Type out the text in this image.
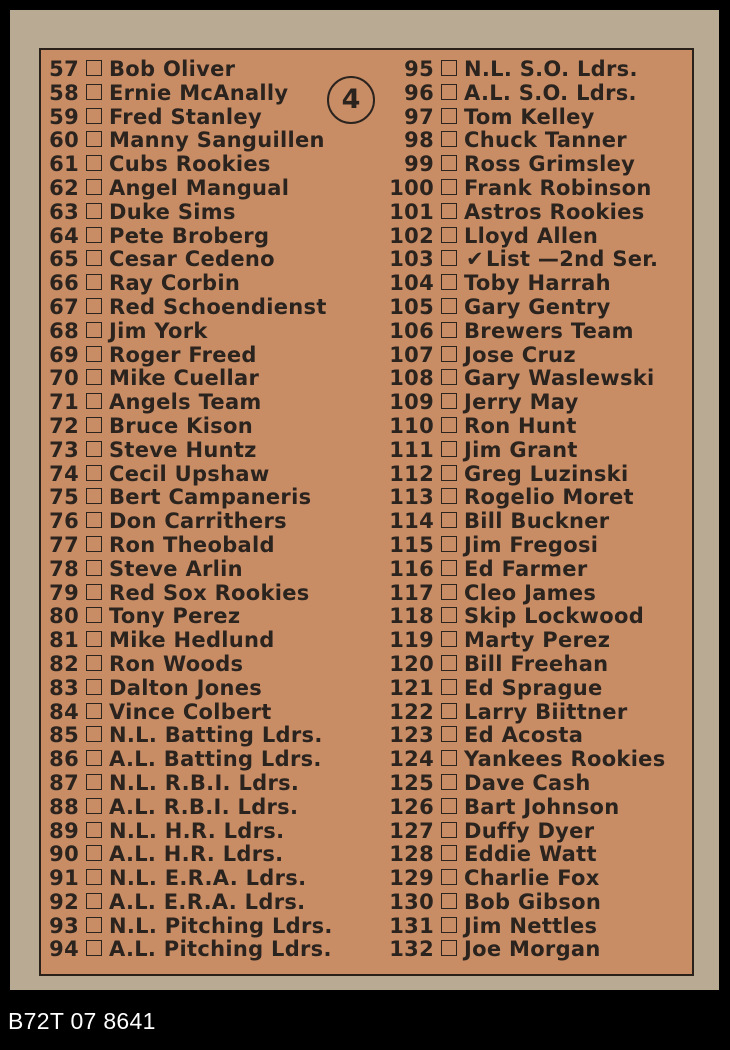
57 Bob Oliver
58 Ernie McAnally
59 Fred Stanley
60 Manny Sanguillen
61 Cubs Rookies
62 Angel Mangual
63 Duke Sims
64 Pete Broberg
65 Cesar Cedeno
66 Ray Corbin
67 Red Schoendienst
68 Jim York
69 Roger Freed
70 Mike Cuellar
71 Angels Team
72 Bruce Kison
73 Steve Huntz
74 Cecil Upshaw
75 Bert Campaneris
76 Don Carrithers
77 Ron Theobald
78 Steve Arlin
79 Red Sox Rookies
80 Tony Perez
81 Mike Hedlund
82 Ron Woods
83 Dalton Jones
84 Vince Colbert
85 N.L. Batting Ldrs.
86 A.L. Batting Ldrs.
87 N.L. R.B.I. Ldrs.
88 A.L. R.B.I. Ldrs.
89 N.L. H.R. Ldrs.
90 A.L. H.R. Ldrs.
91 N.L. E.R.A. Ldrs.
92 A.L. E.R.A. Ldrs.
93 N.L. Pitching Ldrs.
94 A.L. Pitching Ldrs.
95 N.L. S.O. Ldrs.
96 A.L. S.O. Ldrs.
97 Tom Kelley
98 Chuck Tanner
99 Ross Grimsley
100 Frank Robinson
101 Astros Rookies
102 Lloyd Allen
103 ✔List —2nd Ser.
104 Toby Harrah
105 Gary Gentry
106 Brewers Team
107 Jose Cruz
108 Gary Waslewski
109 Jerry May
110 Ron Hunt
111 Jim Grant
112 Greg Luzinski
113 Rogelio Moret
114 Bill Buckner
115 Jim Fregosi
116 Ed Farmer
117 Cleo James
118 Skip Lockwood
119 Marty Perez
120 Bill Freehan
121 Ed Sprague
122 Larry Biittner
123 Ed Acosta
124 Yankees Rookies
125 Dave Cash
126 Bart Johnson
127 Duffy Dyer
128 Eddie Watt
129 Charlie Fox
130 Bob Gibson
131 Jim Nettles
132 Joe Morgan
4
B72T 07 8641
